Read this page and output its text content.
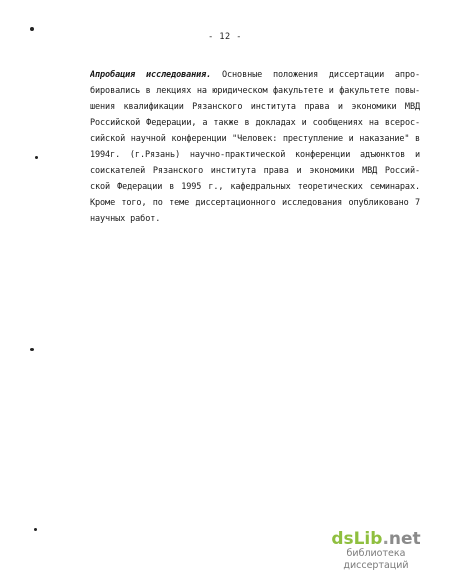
- 12 -
Апробация исследования. Основные положения диссертации апро-
бировались в лекциях на юридическом факультете и факультете повы-
шения квалификации Рязанского института права и экономики МВД
Российской Федерации, а также в докладах и сообщениях на всерос-
сийской научной конференции "Человек: преступление и наказание" в
1994г. (г.Рязань) научно-практической конференции адъюнктов и
соискателей Рязанского института права и экономики МВД Россий-
ской Федерации в 1995 г., кафедральных теоретических семинарах.
Кроме того, по теме диссертационного исследования опубликовано 7
научных работ.
dsLib.net
библиотека диссертаций
